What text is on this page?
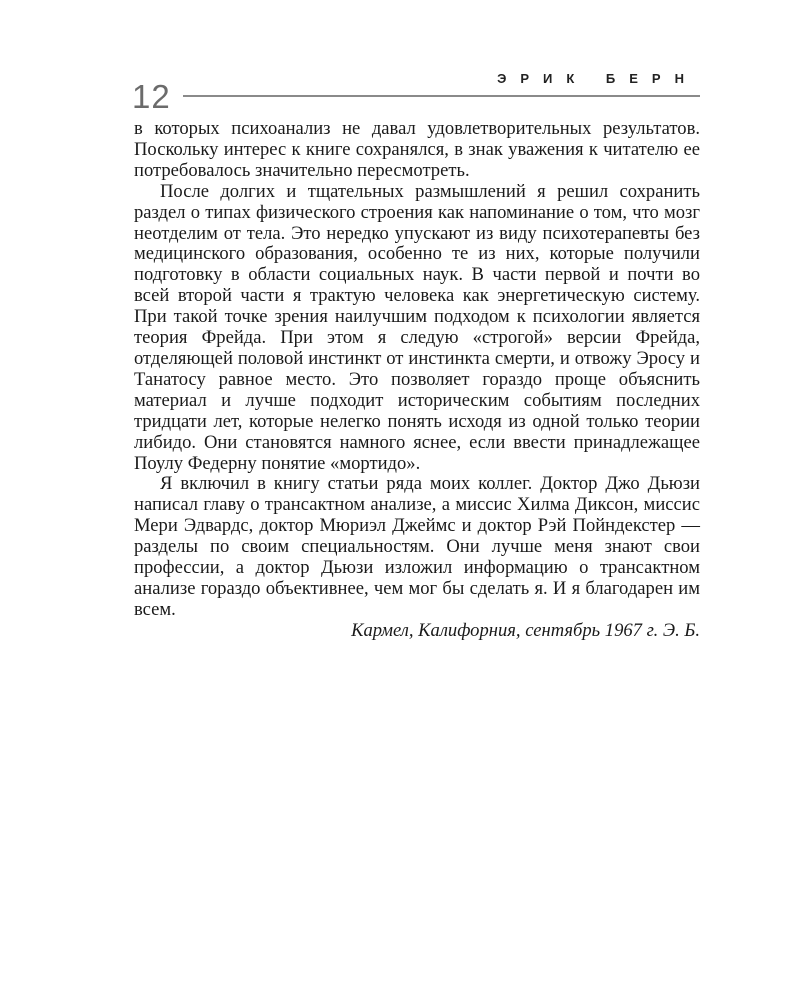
12	ЭРИК БЕРН

в которых психоанализ не давал удовлетворительных результатов. Поскольку интерес к книге сохранялся, в знак уважения к читателю ее потребовалось значительно пересмотреть.

После долгих и тщательных размышлений я решил сохранить раздел о типах физического строения как напоминание о том, что мозг неотделим от тела. Это нередко упускают из виду психотерапевты без медицинского образования, особенно те из них, которые получили подготовку в области социальных наук. В части первой и почти во всей второй части я трактую человека как энергетическую систему. При такой точке зрения наилучшим подходом к психологии является теория Фрейда. При этом я следую «строгой» версии Фрейда, отделяющей половой инстинкт от инстинкта смерти, и отвожу Эросу и Танатосу равное место. Это позволяет гораздо проще объяснить материал и лучше подходит историческим событиям последних тридцати лет, которые нелегко понять исходя из одной только теории либидо. Они становятся намного яснее, если ввести принадлежащее Поулу Федерну понятие «мортидо».

Я включил в книгу статьи ряда моих коллег. Доктор Джо Дьюзи написал главу о трансактном анализе, а миссис Хилма Диксон, миссис Мери Эдвардс, доктор Мюриэл Джеймс и доктор Рэй Пойндекстер — разделы по своим специальностям. Они лучше меня знают свои профессии, а доктор Дьюзи изложил информацию о трансактном анализе гораздо объективнее, чем мог бы сделать я. И я благодарен им всем.

Кармел, Калифорния, сентябрь 1967 г. Э. Б.
